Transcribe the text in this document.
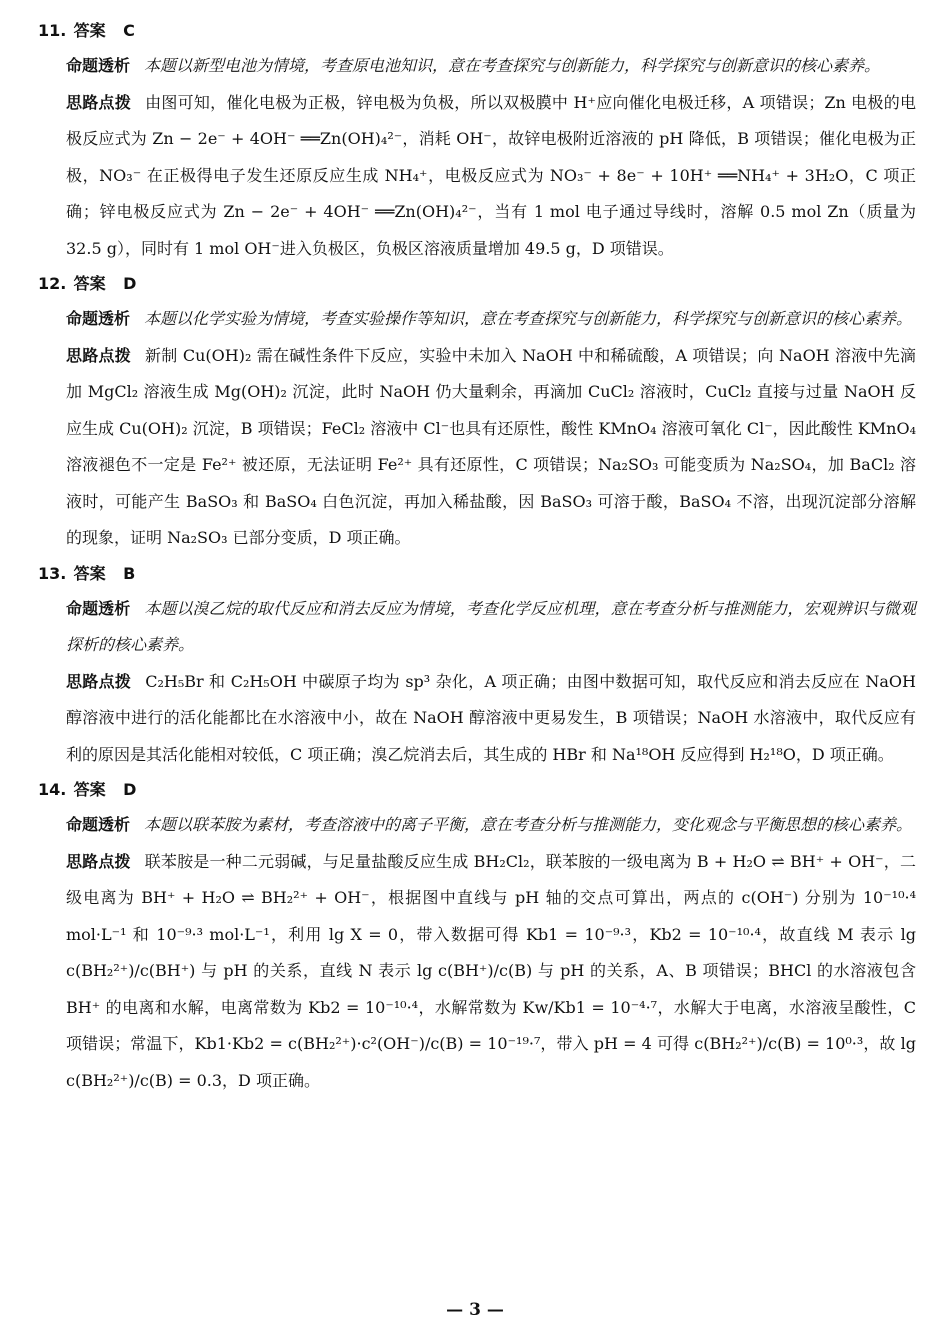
11. 答案 C
命题透析 本题以新型电池为情境，考查原电池知识，意在考查探究与创新能力，科学探究与创新意识的核心素养。
思路点拨 由图可知，催化电极为正极，锌电极为负极，所以双极膜中 H⁺应向催化电极迁移，A 项错误；Zn 电极的电极反应式为 Zn − 2e⁻ + 4OH⁻ ══Zn(OH)₄²⁻，消耗 OH⁻，故锌电极附近溶液的 pH 降低，B 项错误；催化电极为正极，NO₃⁻ 在正极得电子发生还原反应生成 NH₄⁺，电极反应式为 NO₃⁻ + 8e⁻ + 10H⁺ ══NH₄⁺ + 3H₂O，C 项正确；锌电极反应式为 Zn − 2e⁻ + 4OH⁻ ══Zn(OH)₄²⁻，当有 1 mol 电子通过导线时，溶解 0.5 mol Zn（质量为 32.5 g），同时有 1 mol OH⁻进入负极区，负极区溶液质量增加 49.5 g，D 项错误。
12. 答案 D
命题透析 本题以化学实验为情境，考查实验操作等知识，意在考查探究与创新能力，科学探究与创新意识的核心素养。
思路点拨 新制 Cu(OH)₂ 需在碱性条件下反应，实验中未加入 NaOH 中和稀硫酸，A 项错误；向 NaOH 溶液中先滴加 MgCl₂ 溶液生成 Mg(OH)₂ 沉淀，此时 NaOH 仍大量剩余，再滴加 CuCl₂ 溶液时，CuCl₂ 直接与过量 NaOH 反应生成 Cu(OH)₂ 沉淀，B 项错误；FeCl₂ 溶液中 Cl⁻也具有还原性，酸性 KMnO₄ 溶液可氧化 Cl⁻，因此酸性 KMnO₄ 溶液褪色不一定是 Fe²⁺ 被还原，无法证明 Fe²⁺ 具有还原性，C 项错误；Na₂SO₃ 可能变质为 Na₂SO₄，加 BaCl₂ 溶液时，可能产生 BaSO₃ 和 BaSO₄ 白色沉淀，再加入稀盐酸，因 BaSO₃ 可溶于酸，BaSO₄ 不溶，出现沉淀部分溶解的现象，证明 Na₂SO₃ 已部分变质，D 项正确。
13. 答案 B
命题透析 本题以溴乙烷的取代反应和消去反应为情境，考查化学反应机理，意在考查分析与推测能力，宏观辨识与微观探析的核心素养。
思路点拨 C₂H₅Br 和 C₂H₅OH 中碳原子均为 sp³ 杂化，A 项正确；由图中数据可知，取代反应和消去反应在 NaOH 醇溶液中进行的活化能都比在水溶液中小，故在 NaOH 醇溶液中更易发生，B 项错误；NaOH 水溶液中，取代反应有利的原因是其活化能相对较低，C 项正确；溴乙烷消去后，其生成的 HBr 和 Na¹⁸OH 反应得到 H₂¹⁸O，D 项正确。
14. 答案 D
命题透析 本题以联苯胺为素材，考查溶液中的离子平衡，意在考查分析与推测能力，变化观念与平衡思想的核心素养。
思路点拨 联苯胺是一种二元弱碱，与足量盐酸反应生成 BH₂Cl₂，联苯胺的一级电离为 B + H₂O ⇌ BH⁺ + OH⁻，二级电离为 BH⁺ + H₂O ⇌ BH₂²⁺ + OH⁻，根据图中直线与 pH 轴的交点可算出，两点的 c(OH⁻) 分别为 10⁻¹⁰·⁴ mol·L⁻¹ 和 10⁻⁹·³ mol·L⁻¹，利用 lg X = 0，带入数据可得 Kb1 = 10⁻⁹·³，Kb2 = 10⁻¹⁰·⁴，故直线 M 表示 lg c(BH₂²⁺)/c(BH⁺) 与 pH 的关系，直线 N 表示 lg c(BH⁺)/c(B) 与 pH 的关系，A、B 项错误；BHCl 的水溶液包含 BH⁺ 的电离和水解，电离常数为 Kb2 = 10⁻¹⁰·⁴，水解常数为 Kw/Kb1 = 10⁻⁴·⁷，水解大于电离，水溶液呈酸性，C 项错误；常温下，Kb1·Kb2 = c(BH₂²⁺)·c²(OH⁻)/c(B) = 10⁻¹⁹·⁷，带入 pH = 4 可得 c(BH₂²⁺)/c(B) = 10⁰·³，故 lg c(BH₂²⁺)/c(B) = 0.3，D 项正确。
— 3 —
